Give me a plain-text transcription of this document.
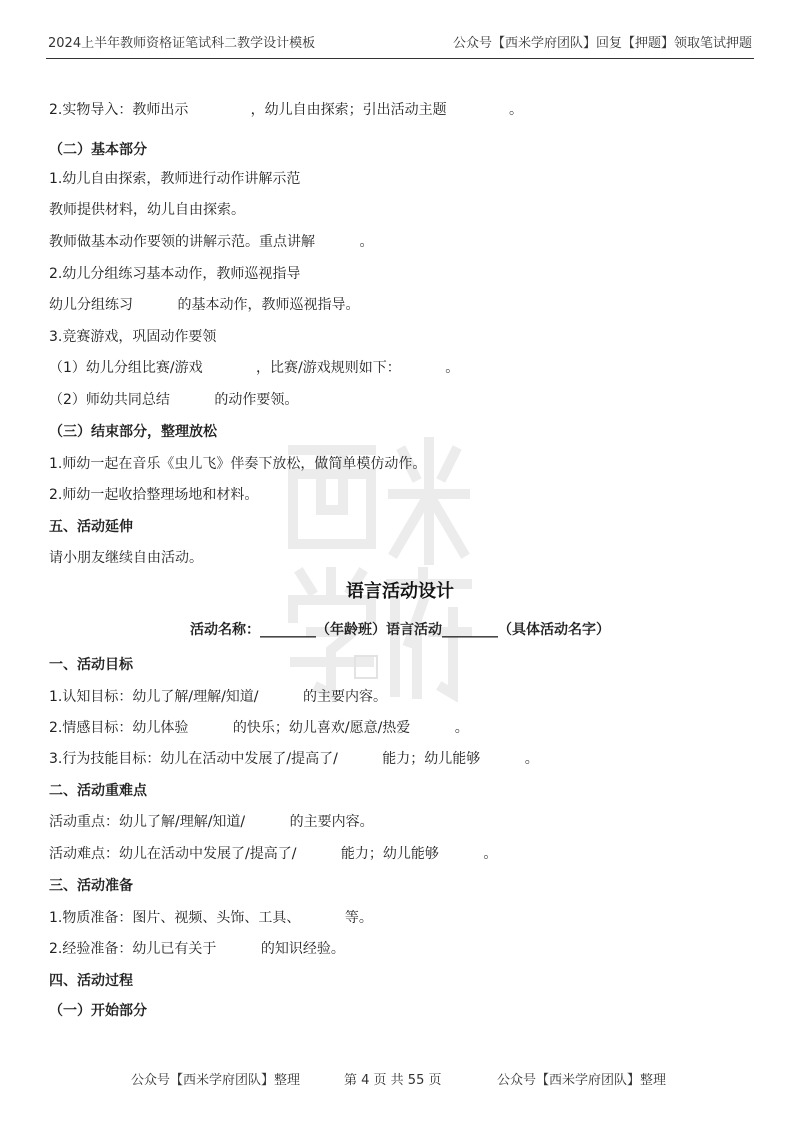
2024上半年教师资格证笔试科二教学设计模板	公众号【西米学府团队】回复【押题】领取笔试押题
2.实物导入：教师出示              ，幼儿自由探索；引出活动主题              。
（二）基本部分
1.幼儿自由探索，教师进行动作讲解示范
教师提供材料，幼儿自由探索。
教师做基本动作要领的讲解示范。重点讲解          。
2.幼儿分组练习基本动作，教师巡视指导
幼儿分组练习          的基本动作，教师巡视指导。
3.竞赛游戏，巩固动作要领
（1）幼儿分组比赛/游戏            ，比赛/游戏规则如下：          。
（2）师幼共同总结          的动作要领。
（三）结束部分，整理放松
1.师幼一起在音乐《虫儿飞》伴奏下放松，做简单模仿动作。
2.师幼一起收拾整理场地和材料。
五、活动延伸
请小朋友继续自由活动。
语言活动设计
活动名称：________（年龄班）语言活动________（具体活动名字）
一、活动目标
1.认知目标：幼儿了解/理解/知道/          的主要内容。
2.情感目标：幼儿体验          的快乐；幼儿喜欢/愿意/热爱          。
3.行为技能目标：幼儿在活动中发展了/提高了/          能力；幼儿能够          。
二、活动重难点
活动重点：幼儿了解/理解/知道/          的主要内容。
活动难点：幼儿在活动中发展了/提高了/          能力；幼儿能够          。
三、活动准备
1.物质准备：图片、视频、头饰、工具、          等。
2.经验准备：幼儿已有关于          的知识经验。
四、活动过程
（一）开始部分
公众号【西米学府团队】整理	第 4 页 共 55 页	公众号【西米学府团队】整理
